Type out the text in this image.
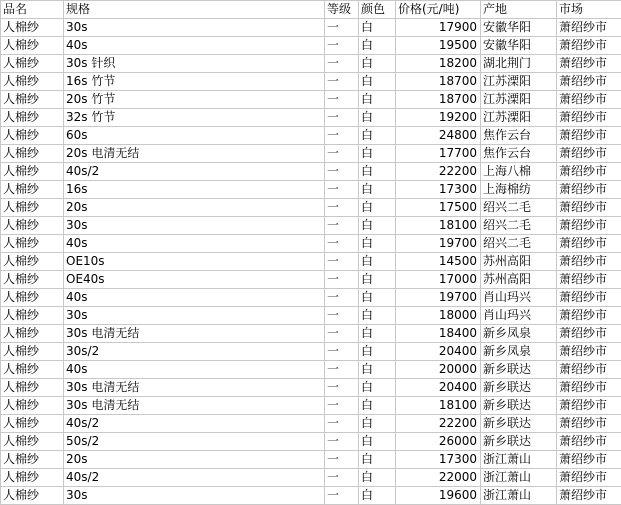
品名	规格	等级	颜色	价格(元/吨)	产地	市场
人棉纱	30s	一	白	17900	安徽华阳	萧绍纱市
人棉纱	40s	一	白	19500	安徽华阳	萧绍纱市
人棉纱	30s 针织	一	白	18200	湖北荆门	萧绍纱市
人棉纱	16s 竹节	一	白	18700	江苏溧阳	萧绍纱市
人棉纱	20s 竹节	一	白	18700	江苏溧阳	萧绍纱市
人棉纱	32s 竹节	一	白	19200	江苏溧阳	萧绍纱市
人棉纱	60s	一	白	24800	焦作云台	萧绍纱市
人棉纱	20s 电清无结	一	白	17700	焦作云台	萧绍纱市
人棉纱	40s/2	一	白	22200	上海八棉	萧绍纱市
人棉纱	16s	一	白	17300	上海棉纺	萧绍纱市
人棉纱	20s	一	白	17500	绍兴二毛	萧绍纱市
人棉纱	30s	一	白	18100	绍兴二毛	萧绍纱市
人棉纱	40s	一	白	19700	绍兴二毛	萧绍纱市
人棉纱	OE10s	一	白	14500	苏州高阳	萧绍纱市
人棉纱	OE40s	一	白	17000	苏州高阳	萧绍纱市
人棉纱	40s	一	白	19700	肖山玛兴	萧绍纱市
人棉纱	30s	一	白	18000	肖山玛兴	萧绍纱市
人棉纱	30s 电清无结	一	白	18400	新乡凤泉	萧绍纱市
人棉纱	30s/2	一	白	20400	新乡凤泉	萧绍纱市
人棉纱	40s	一	白	20000	新乡联达	萧绍纱市
人棉纱	30s 电清无结	一	白	20400	新乡联达	萧绍纱市
人棉纱	30s 电清无结	一	白	18100	新乡联达	萧绍纱市
人棉纱	40s/2	一	白	22200	新乡联达	萧绍纱市
人棉纱	50s/2	一	白	26000	新乡联达	萧绍纱市
人棉纱	20s	一	白	17300	浙江萧山	萧绍纱市
人棉纱	40s/2	一	白	22000	浙江萧山	萧绍纱市
人棉纱	30s	一	白	19600	浙江萧山	萧绍纱市
